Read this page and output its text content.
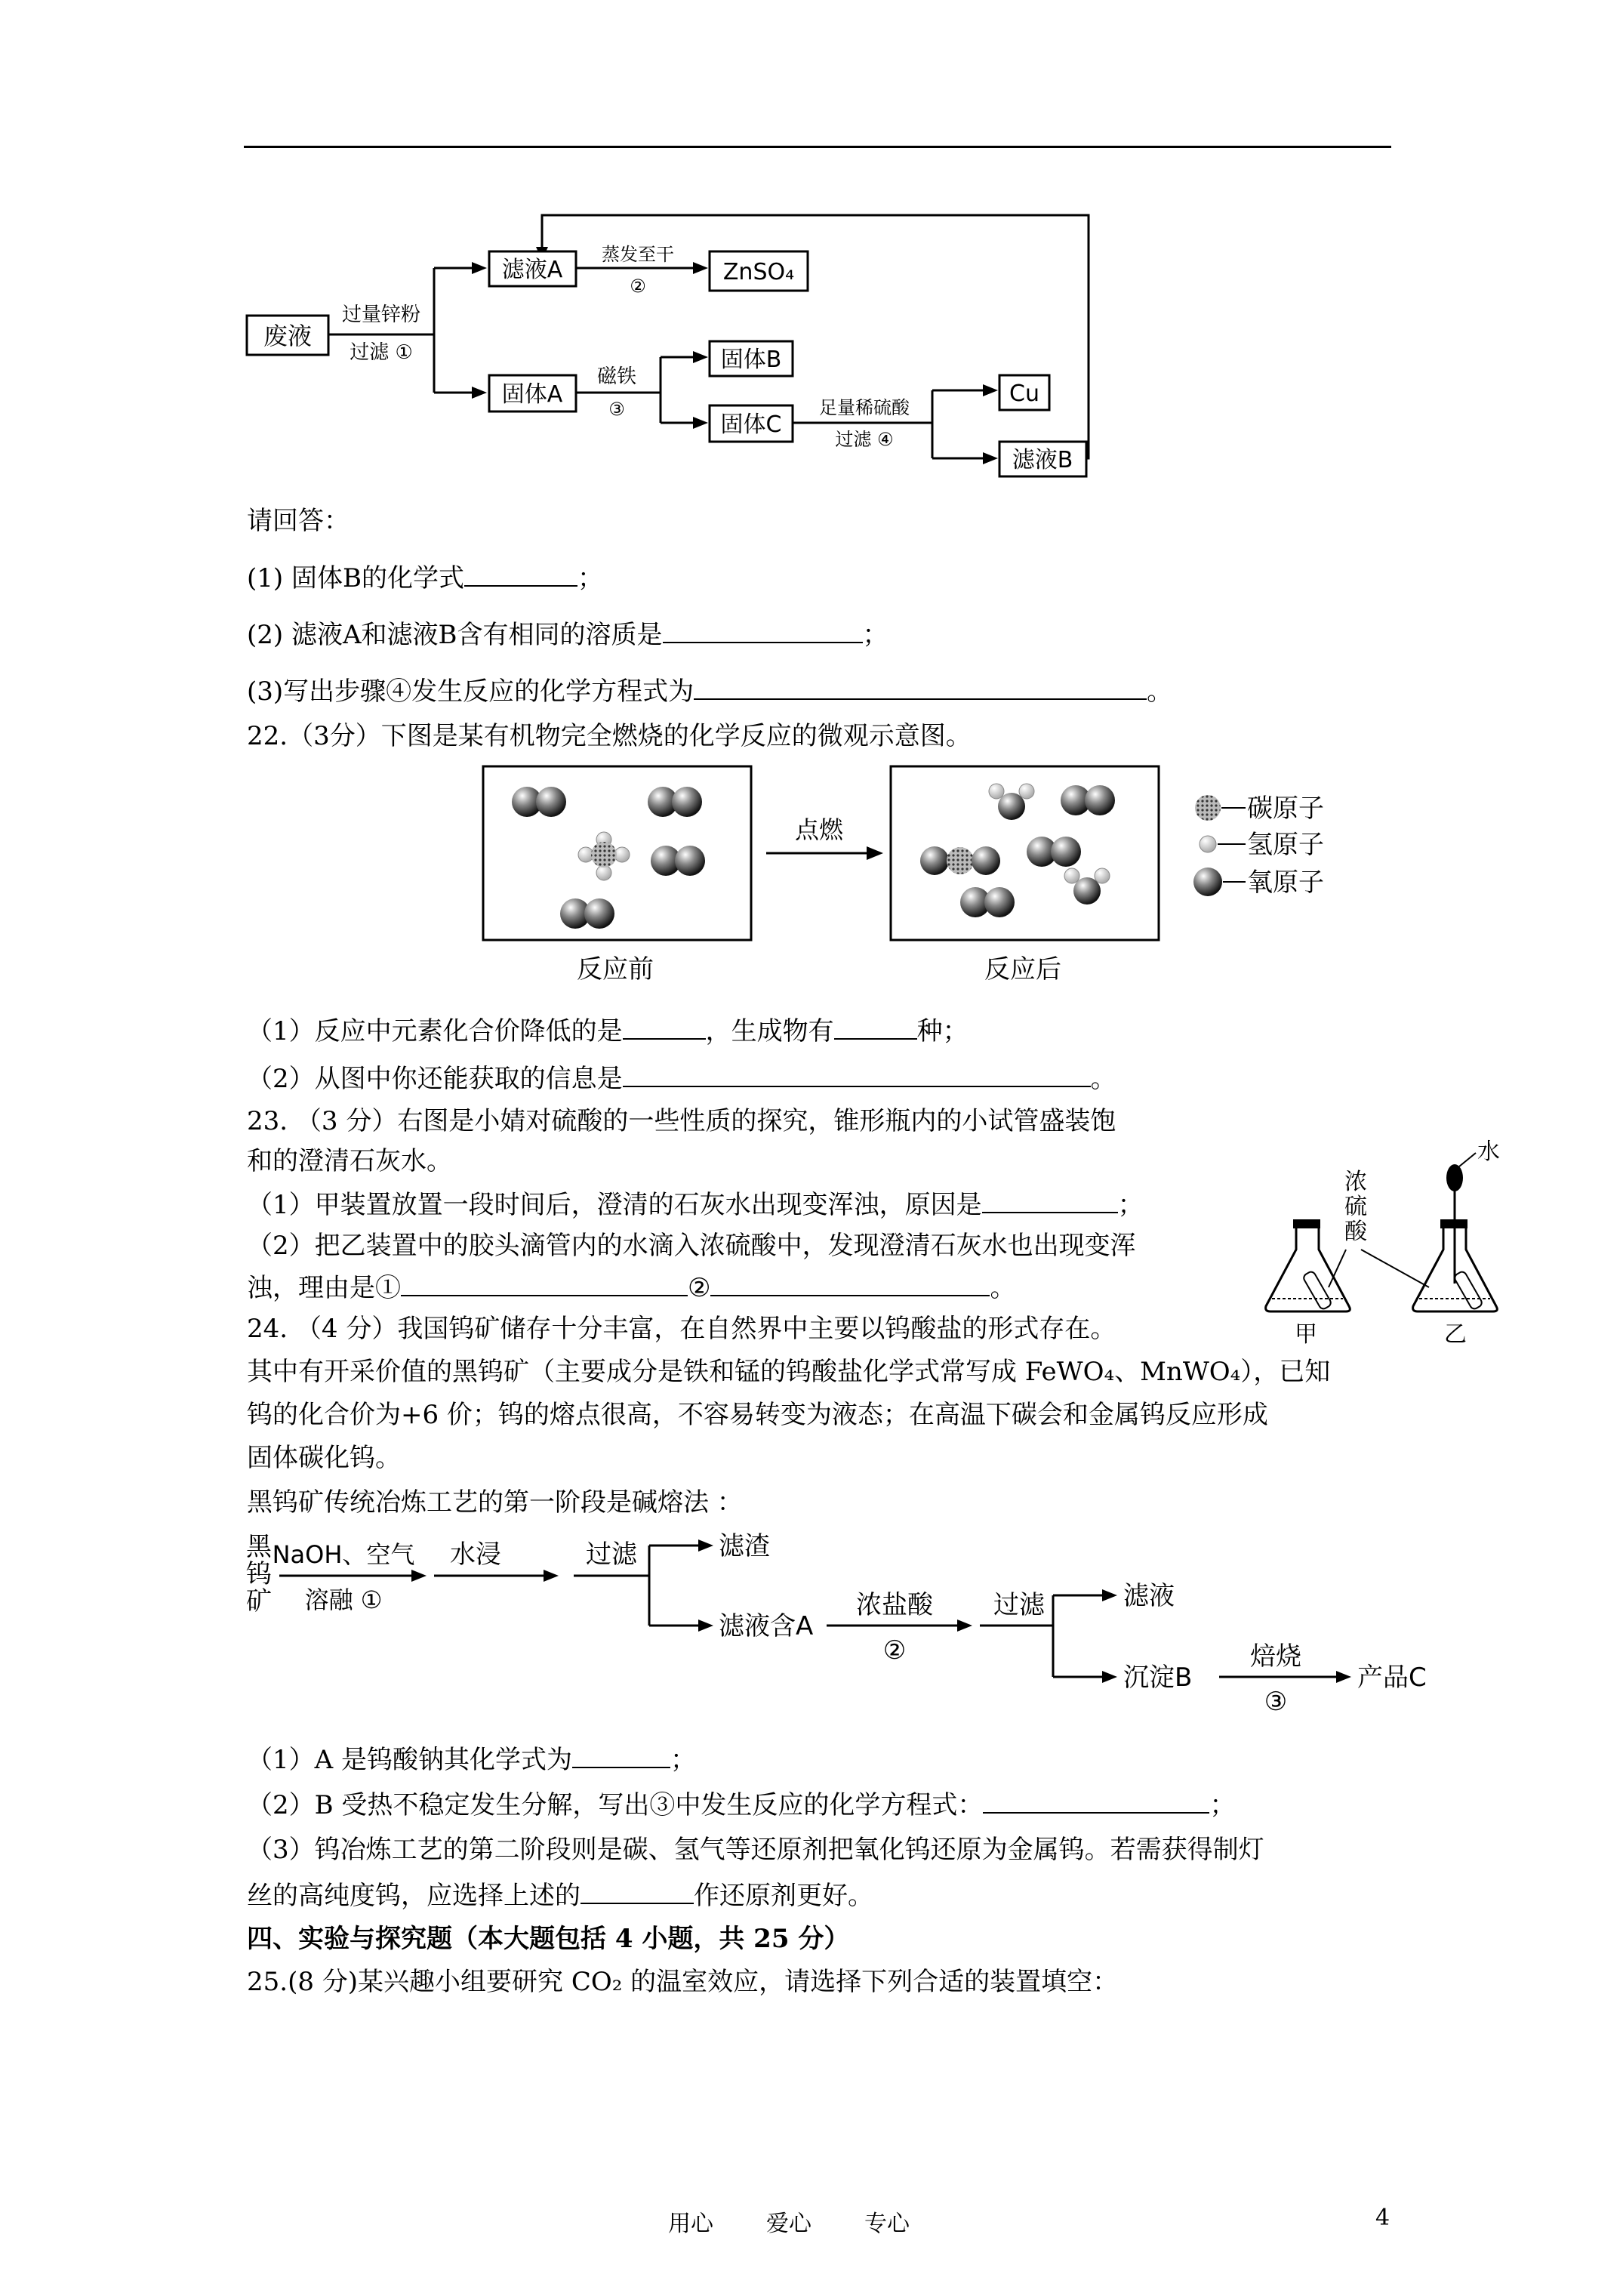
废液
过量锌粉
过滤 ①
滤液A
蒸发至干
②
ZnSO₄
固体A
磁铁
③
固体B
固体C
足量稀硫酸
过滤 ④
Cu
滤液B
请回答：
(1) 固体B的化学式	；
(2) 滤液A和滤液B含有相同的溶质是	；
(3)写出步骤④发生反应的化学方程式为	。
22.（3分）下图是某有机物完全燃烧的化学反应的微观示意图。
点燃
反应前	反应后
碳原子
氢原子
氧原子
（1）反应中元素化合价降低的是	，生成物有	种；
（2）从图中你还能获取的信息是	。
23. （3 分）右图是小婧对硫酸的一些性质的探究，锥形瓶内的小试管盛装饱
和的澄清石灰水。
（1）甲装置放置一段时间后，澄清的石灰水出现变浑浊，原因是	；
（2）把乙装置中的胶头滴管内的水滴入浓硫酸中，发现澄清石灰水也出现变浑
浊，理由是①	②	。
水
浓
硫
酸
甲	乙
24. （4 分）我国钨矿储存十分丰富，在自然界中主要以钨酸盐的形式存在。
其中有开采价值的黑钨矿（主要成分是铁和锰的钨酸盐化学式常写成 FeWO₄、MnWO₄），已知
钨的化合价为+6 价；钨的熔点很高，不容易转变为液态；在高温下碳会和金属钨反应形成
固体碳化钨。
黑钨矿传统冶炼工艺的第一阶段是碱熔法 ：
黑
钨
矿
NaOH、空气
溶融 ①
水浸	过滤	滤渣
滤液含A
浓盐酸
②
过滤	滤液
沉淀B
焙烧
③
产品C
（1）A 是钨酸钠其化学式为	；
（2）B 受热不稳定发生分解，写出③中发生反应的化学方程式：	；
（3）钨冶炼工艺的第二阶段则是碳、氢气等还原剂把氧化钨还原为金属钨。若需获得制灯
丝的高纯度钨，应选择上述的	作还原剂更好。
四、实验与探究题（本大题包括 4 小题，共 25 分）
25.(8 分)某兴趣小组要研究 CO₂ 的温室效应，请选择下列合适的装置填空：
用心 爱心 专心	4
